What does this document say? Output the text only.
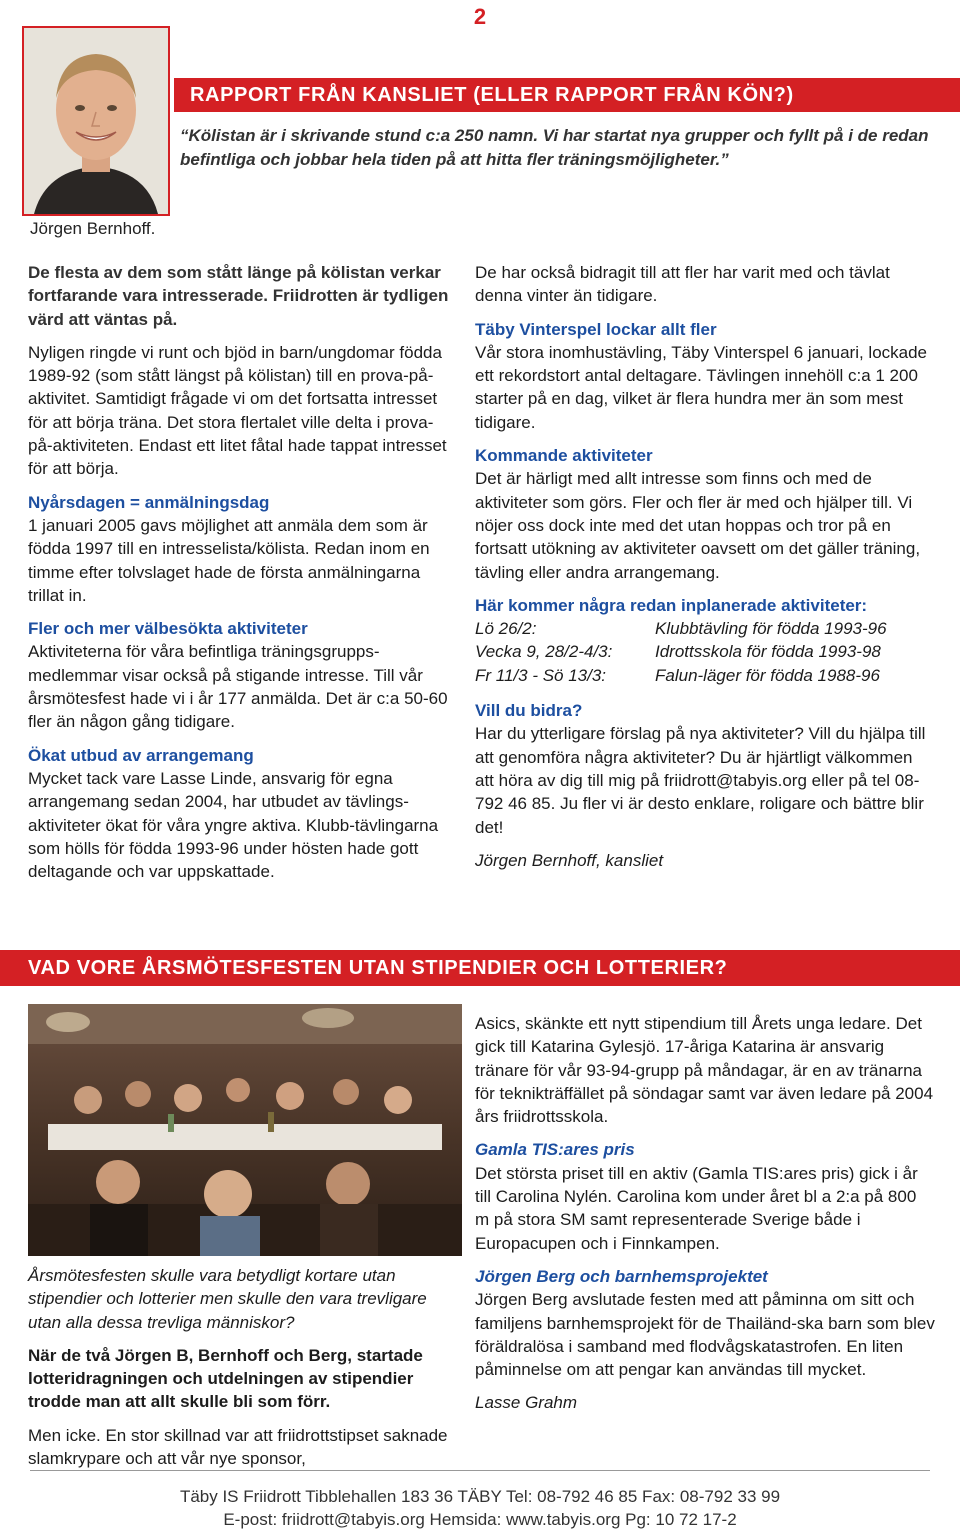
2
Jörgen Bernhoff.
RAPPORT FRÅN KANSLIET (ELLER RAPPORT FRÅN KÖN?)
“Kölistan är i skrivande stund c:a 250 namn. Vi har startat nya grupper och fyllt på i de redan befintliga och jobbar hela tiden på att hitta fler träningsmöjligheter.”

De flesta av dem som stått länge på kölistan verkar fortfarande vara intresserade. Friidrotten är tydligen värd att väntas på.

Nyligen ringde vi runt och bjöd in barn/ungdomar födda 1989-92 (som stått längst på kölistan) till en prova-på-aktivitet. Samtidigt frågade vi om det fortsatta intresset för att börja träna. Det stora flertalet ville delta i prova-på-aktiviteten. Endast ett litet fåtal hade tappat intresset för att börja.

Nyårsdagen = anmälningsdag
1 januari 2005 gavs möjlighet att anmäla dem som är födda 1997 till en intresselista/kölista. Redan inom en timme efter tolvslaget hade de första anmälningarna trillat in.

Fler och mer välbesökta aktiviteter
Aktiviteterna för våra befintliga träningsgrupps-medlemmar visar också på stigande intresse. Till vår årsmötesfest hade vi i år 177 anmälda. Det är c:a 50-60 fler än någon gång tidigare.

Ökat utbud av arrangemang
Mycket tack vare Lasse Linde, ansvarig för egna arrangemang sedan 2004, har utbudet av tävlings-aktiviteter ökat för våra yngre aktiva. Klubb-tävlingarna som hölls för födda 1993-96 under hösten hade gott deltagande och var uppskattade.

De har också bidragit till att fler har varit med och tävlat denna vinter än tidigare.

Täby Vinterspel lockar allt fler
Vår stora inomhustävling, Täby Vinterspel 6 januari, lockade ett rekordstort antal deltagare. Tävlingen innehöll c:a 1 200 starter på en dag, vilket är flera hundra mer än som mest tidigare.

Kommande aktiviteter
Det är härligt med allt intresse som finns och med de aktiviteter som görs. Fler och fler är med och hjälper till. Vi nöjer oss dock inte med det utan hoppas och tror på en fortsatt utökning av aktiviteter oavsett om det gäller träning, tävling eller andra arrangemang.

Här kommer några redan inplanerade aktiviteter:
Lö 26/2:	Klubbtävling för födda 1993-96
Vecka 9, 28/2-4/3:	Idrottsskola för födda 1993-98
Fr 11/3 - Sö 13/3:	Falun-läger för födda 1988-96

Vill du bidra?
Har du ytterligare förslag på nya aktiviteter? Vill du hjälpa till att genomföra några aktiviteter? Du är hjärtligt välkommen att höra av dig till mig på friidrott@tabyis.org eller på tel 08-792 46 85. Ju fler vi är desto enklare, roligare och bättre blir det!

Jörgen Bernhoff, kansliet

VAD VORE ÅRSMÖTESFESTEN UTAN STIPENDIER OCH LOTTERIER?

Årsmötesfesten skulle vara betydligt kortare utan stipendier och lotterier men skulle den vara trevligare utan alla dessa trevliga människor?

När de två Jörgen B, Bernhoff och Berg, startade lotteridragningen och utdelningen av stipendier trodde man att allt skulle bli som förr.

Men icke. En stor skillnad var att friidrottstipset saknade slamkrypare och att vår nye sponsor,

Asics, skänkte ett nytt stipendium till Årets unga ledare. Det gick till Katarina Gylesjö. 17-åriga Katarina är ansvarig tränare för vår 93-94-grupp på måndagar, är en av tränarna för teknikträffället på söndagar samt var även ledare på 2004 års friidrottsskola.

Gamla TIS:ares pris
Det största priset till en aktiv (Gamla TIS:ares pris) gick i år till Carolina Nylén. Carolina kom under året bl a 2:a på 800 m på stora SM samt representerade Sverige både i Europacupen och i Finnkampen.

Jörgen Berg och barnhemsprojektet
Jörgen Berg avslutade festen med att påminna om sitt och familjens barnhemsprojekt för de Thailänd-ska barn som blev föräldralösa i samband med flodvågskatastrofen. En liten påminnelse om att pengar kan användas till mycket.

Lasse Grahm

Täby IS Friidrott Tibblehallen 183 36 TÄBY Tel: 08-792 46 85 Fax: 08-792 33 99
E-post: friidrott@tabyis.org Hemsida: www.tabyis.org Pg: 10 72 17-2
